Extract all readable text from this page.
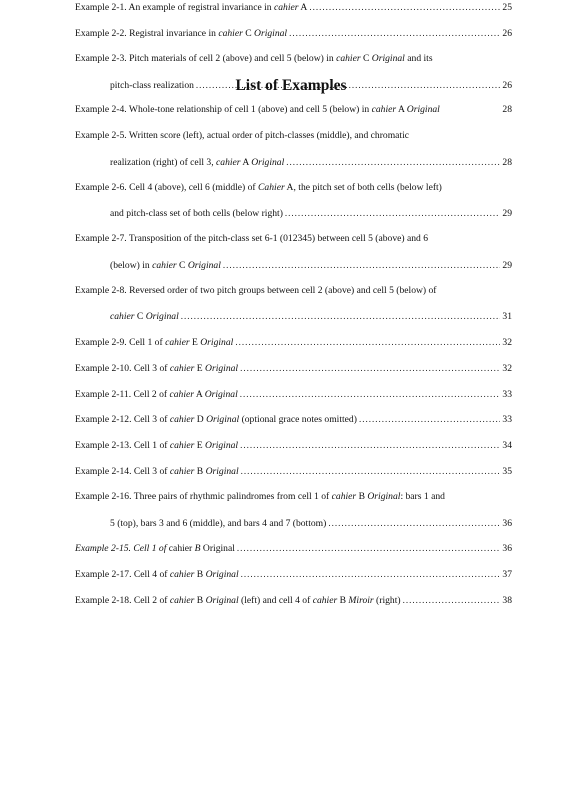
List of Examples
Example 2-1. An example of registral invariance in cahier A .....	25
Example 2-2. Registral invariance in cahier C Original .....	26
Example 2-3. Pitch materials of cell 2 (above) and cell 5 (below) in cahier C Original and its
pitch-class realization .....	26
Example 2-4. Whole-tone relationship of cell 1 (above) and cell 5 (below) in cahier A Original	28
Example 2-5. Written score (left), actual order of pitch-classes (middle), and chromatic
realization (right) of cell 3, cahier A Original .....	28
Example 2-6. Cell 4 (above), cell 6 (middle) of Cahier A, the pitch set of both cells (below left)
and pitch-class set of both cells (below right) .....	29
Example 2-7. Transposition of the pitch-class set 6-1 (012345) between cell 5 (above) and 6
(below) in cahier C Original .....	29
Example 2-8. Reversed order of two pitch groups between cell 2 (above) and cell 5 (below) of
cahier C Original .....	31
Example 2-9. Cell 1 of cahier E Original .....	32
Example 2-10. Cell 3 of cahier E Original .....	32
Example 2-11. Cell 2 of cahier A Original .....	33
Example 2-12. Cell 3 of cahier D Original (optional grace notes omitted) .....	33
Example 2-13. Cell 1 of cahier E Original .....	34
Example 2-14. Cell 3 of cahier B Original .....	35
Example 2-16. Three pairs of rhythmic palindromes from cell 1 of cahier B Original: bars 1 and
5 (top), bars 3 and 6 (middle), and bars 4 and 7 (bottom) .....	36
Example 2-15. Cell 1 of cahier B Original .....	36
Example 2-17. Cell 4 of cahier B Original .....	37
Example 2-18. Cell 2 of cahier B Original (left) and cell 4 of cahier B Miroir (right) .....	38
